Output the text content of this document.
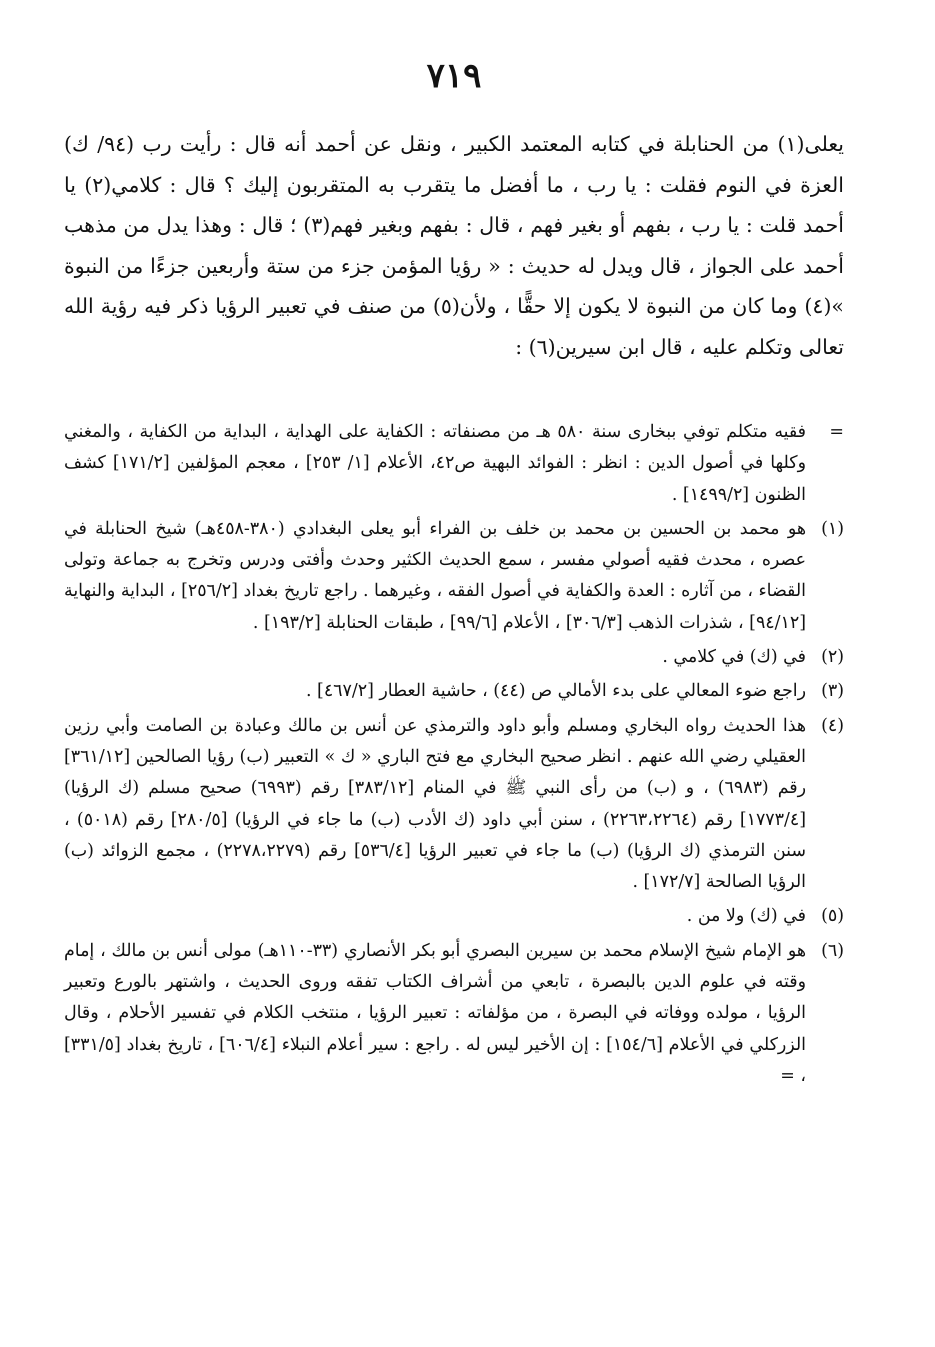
٧١٩

يعلى(١) من الحنابلة في كتابه المعتمد الكبير ، ونقل عن أحمد أنه قال : رأيت رب (٩٤/ ك) العزة في النوم فقلت : يا رب ، ما أفضل ما يتقرب به المتقربون إليك ؟ قال : كلامي(٢) يا أحمد قلت : يا رب ، بفهم أو بغير فهم ، قال : بفهم وبغير فهم(٣) ؛ قال : وهذا يدل من مذهب أحمد على الجواز ، قال ويدل له حديث : « رؤيا المؤمن جزء من ستة وأربعين جزءًا من النبوة »(٤) وما كان من النبوة لا يكون إلا حقًّا ، ولأن(٥) من صنف في تعبير الرؤيا ذكر فيه رؤية الله تعالى وتكلم عليه ، قال ابن سيرين(٦) :

=
فقيه متكلم توفي ببخارى سنة ٥٨٠ هـ من مصنفاته : الكفاية على الهداية ، البداية من الكفاية ، والمغني وكلها في أصول الدين : انظر : الفوائد البهية ص٤٢، الأعلام [١/ ٢٥٣] ، معجم المؤلفين [١٧١/٢] كشف الظنون [١٤٩٩/٢] .
(١)
هو محمد بن الحسين بن محمد بن خلف بن الفراء أبو يعلى البغدادي (٣٨٠-٤٥٨هـ) شيخ الحنابلة في عصره ، محدث فقيه أصولي مفسر ، سمع الحديث الكثير وحدث وأفتى ودرس وتخرج به جماعة وتولى القضاء ، من آثاره : العدة والكفاية في أصول الفقه ، وغيرهما . راجع تاريخ بغداد [٢٥٦/٢] ، البداية والنهاية [٩٤/١٢] ، شذرات الذهب [٣٠٦/٣] ، الأعلام [٩٩/٦] ، طبقات الحنابلة [١٩٣/٢] .
(٢)
في (ك) في كلامي .
(٣)
راجع ضوء المعالي على بدء الأمالي ص (٤٤) ، حاشية العطار [٤٦٧/٢] .
(٤)
هذا الحديث رواه البخاري ومسلم وأبو داود والترمذي عن أنس بن مالك وعبادة بن الصامت وأبي رزين العقيلي رضي الله عنهم . انظر صحيح البخاري مع فتح الباري « ك » التعبير (ب) رؤيا الصالحين [٣٦١/١٢] رقم (٦٩٨٣) ، و (ب) من رأى النبي ﷺ في المنام [٣٨٣/١٢] رقم (٦٩٩٣) صحيح مسلم (ك الرؤيا) [١٧٧٣/٤] رقم (٢٢٦٣،٢٢٦٤) ، سنن أبي داود (ك الأدب (ب) ما جاء في الرؤيا) [٢٨٠/٥] رقم (٥٠١٨) ، سنن الترمذي (ك الرؤيا) (ب) ما جاء في تعبير الرؤيا [٥٣٦/٤] رقم (٢٢٧٨،٢٢٧٩) ، مجمع الزوائد (ب) الرؤيا الصالحة [١٧٢/٧] .
(٥)
في (ك) ولا من .
(٦)
هو الإمام شيخ الإسلام محمد بن سيرين البصري أبو بكر الأنصاري (٣٣-١١٠هـ) مولى أنس بن مالك ، إمام وقته في علوم الدين بالبصرة ، تابعي من أشراف الكتاب تفقه وروى الحديث ، واشتهر بالورع وتعبير الرؤيا ، مولده ووفاته في البصرة ، من مؤلفاته : تعبير الرؤيا ، منتخب الكلام في تفسير الأحلام ، وقال الزركلي في الأعلام [١٥٤/٦] : إن الأخير ليس له . راجع : سير أعلام النبلاء [٦٠٦/٤] ، تاريخ بغداد [٣٣١/٥] ، =
